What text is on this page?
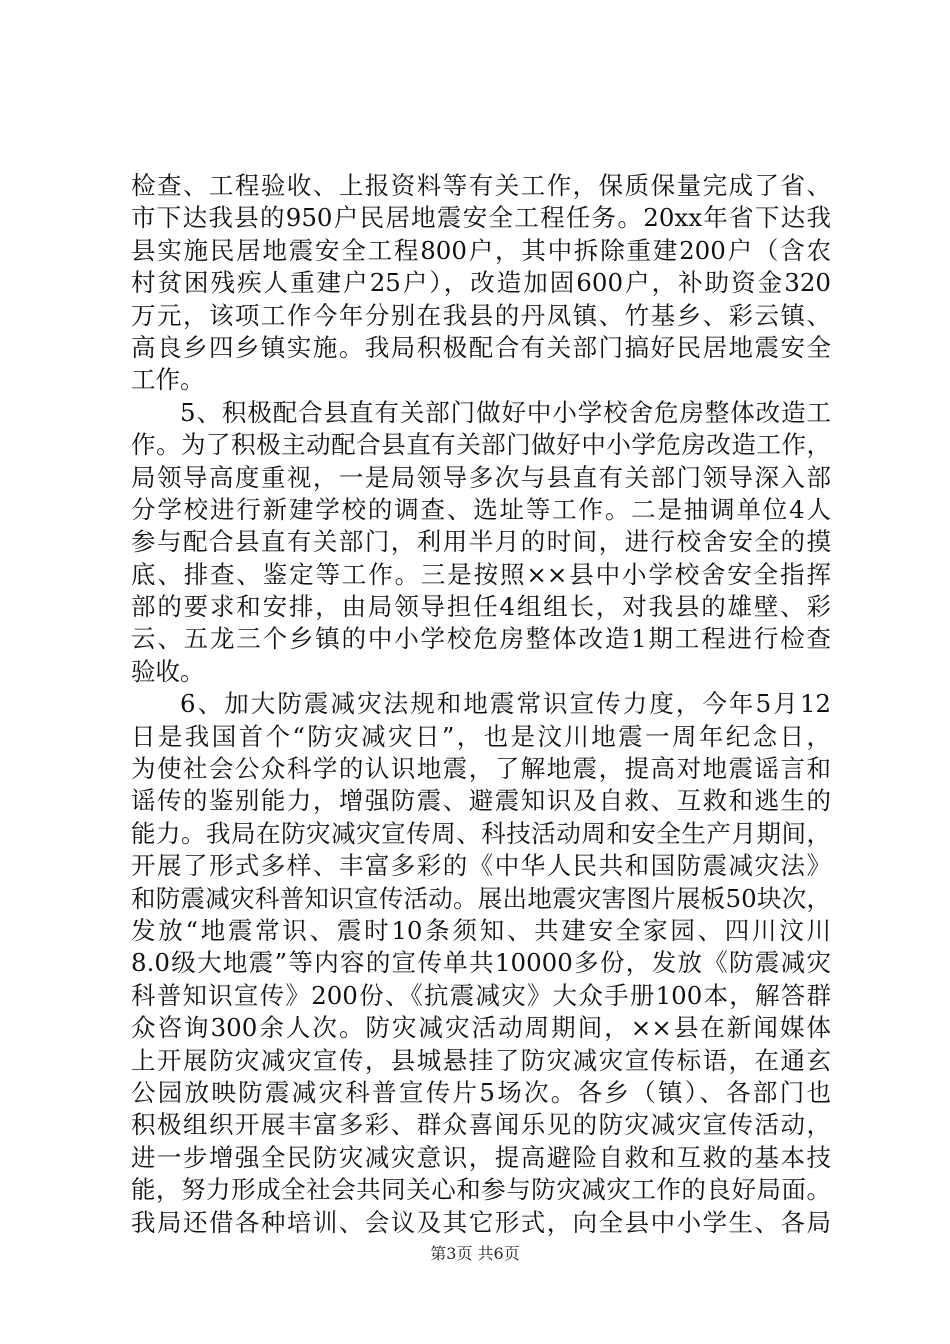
检查、工程验收、上报资料等有关工作，保质保量完成了省、
市下达我县的950户民居地震安全工程任务。20xx年省下达我
县实施民居地震安全工程800户，其中拆除重建200户（含农
村贫困残疾人重建户25户），改造加固600户，补助资金320
万元，该项工作今年分别在我县的丹凤镇、竹基乡、彩云镇、
高良乡四乡镇实施。我局积极配合有关部门搞好民居地震安全
工作。
5、积极配合县直有关部门做好中小学校舍危房整体改造工
作。为了积极主动配合县直有关部门做好中小学危房改造工作，
局领导高度重视，一是局领导多次与县直有关部门领导深入部
分学校进行新建学校的调查、选址等工作。二是抽调单位4人
参与配合县直有关部门，利用半月的时间，进行校舍安全的摸
底、排查、鉴定等工作。三是按照××县中小学校舍安全指挥
部的要求和安排，由局领导担任4组组长，对我县的雄壁、彩
云、五龙三个乡镇的中小学校危房整体改造1期工程进行检查
验收。
6、加大防震减灾法规和地震常识宣传力度，今年5月12
日是我国首个“防灾减灾日”，也是汶川地震一周年纪念日，
为使社会公众科学的认识地震，了解地震，提高对地震谣言和
谣传的鉴别能力，增强防震、避震知识及自救、互救和逃生的
能力。我局在防灾减灾宣传周、科技活动周和安全生产月期间，
开展了形式多样、丰富多彩的《中华人民共和国防震减灾法》
和防震减灾科普知识宣传活动。展出地震灾害图片展板50块次，
发放“地震常识、震时10条须知、共建安全家园、四川汶川
8.0级大地震”等内容的宣传单共10000多份，发放《防震减灾
科普知识宣传》200份、《抗震减灾》大众手册100本，解答群
众咨询300余人次。防灾减灾活动周期间，××县在新闻媒体
上开展防灾减灾宣传，县城悬挂了防灾减灾宣传标语，在通玄
公园放映防震减灾科普宣传片5场次。各乡（镇）、各部门也
积极组织开展丰富多彩、群众喜闻乐见的防灾减灾宣传活动，
进一步增强全民防灾减灾意识，提高避险自救和互救的基本技
能，努力形成全社会共同关心和参与防灾减灾工作的良好局面。
我局还借各种培训、会议及其它形式，向全县中小学生、各局
第3页 共6页
